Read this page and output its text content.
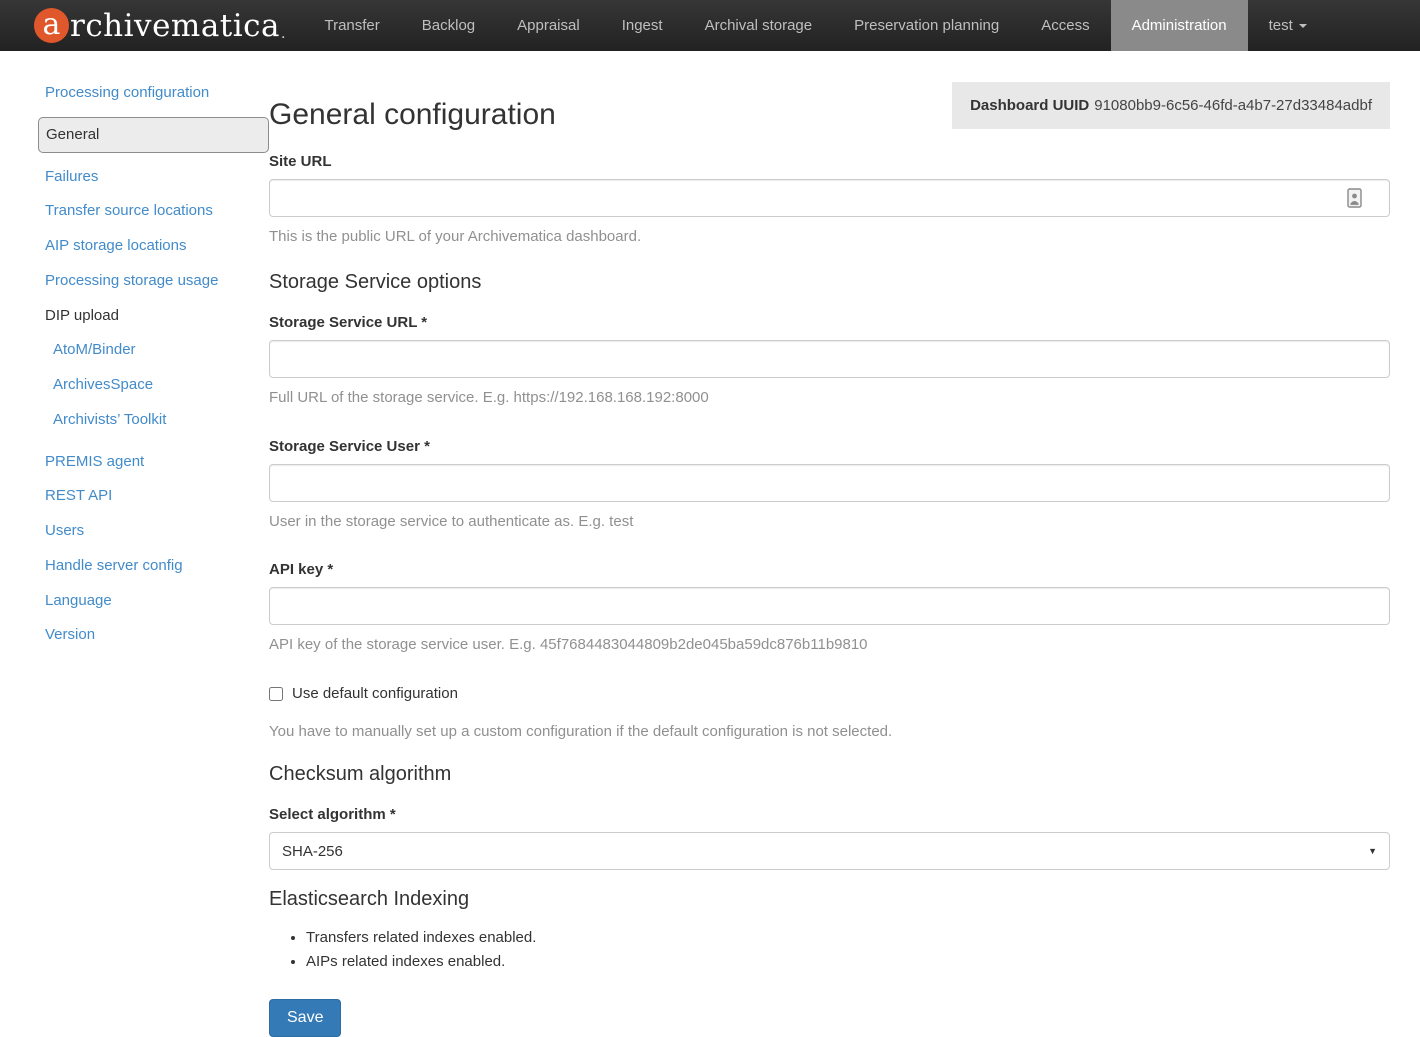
a rchivematica .	Transfer	Backlog	Appraisal	Ingest	Archival storage	Preservation planning	Access	Administration	test
Processing configuration
General
Failures
Transfer source locations
AIP storage locations
Processing storage usage
DIP upload
AtoM/Binder
ArchivesSpace
Archivists’ Toolkit
PREMIS agent
REST API
Users
Handle server config
Language
Version
General configuration	Dashboard UUID 91080bb9-6c56-46fd-a4b7-27d33484adbf
Site URL
This is the public URL of your Archivematica dashboard.
Storage Service options
Storage Service URL *
Full URL of the storage service. E.g. https://192.168.168.192:8000
Storage Service User *
User in the storage service to authenticate as. E.g. test
API key *
API key of the storage service user. E.g. 45f7684483044809b2de045ba59dc876b11b9810
Use default configuration
You have to manually set up a custom configuration if the default configuration is not selected.
Checksum algorithm
Select algorithm *
SHA-256	▼
Elasticsearch Indexing
• Transfers related indexes enabled.
• AIPs related indexes enabled.
Save
